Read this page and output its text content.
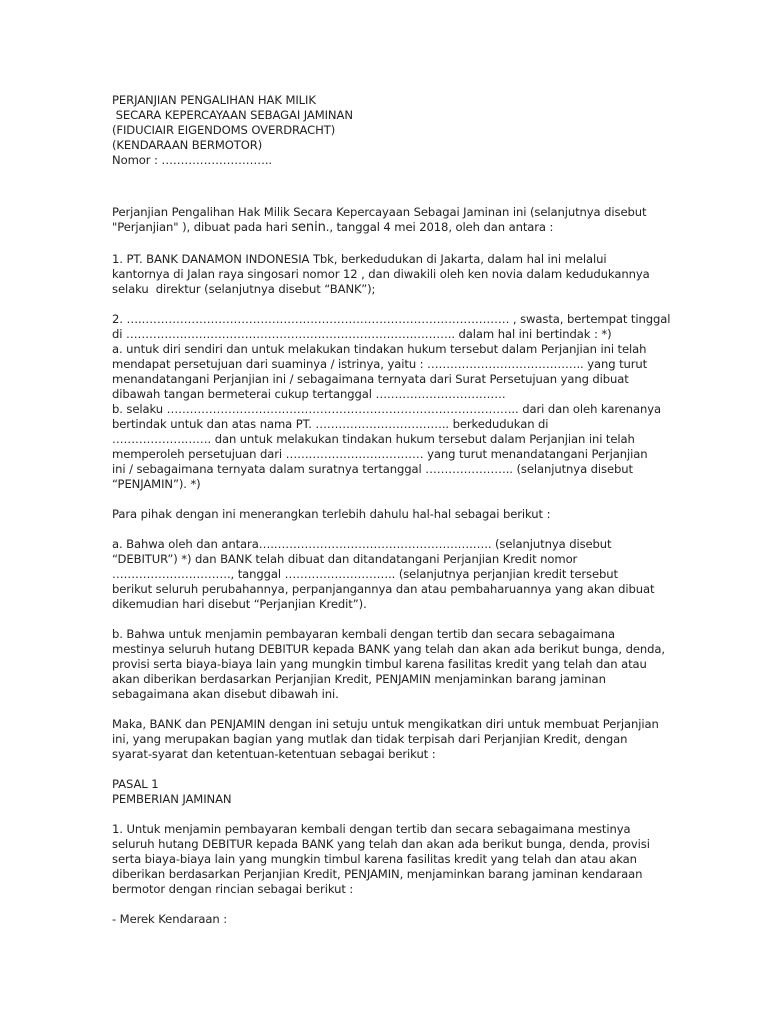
PERJANJIAN PENGALIHAN HAK MILIK
SECARA KEPERCAYAAN SEBAGAI JAMINAN
(FIDUCIAIR EIGENDOMS OVERDRACHT)
(KENDARAAN BERMOTOR)
Nomor : ………………………..
Perjanjian Pengalihan Hak Milik Secara Kepercayaan Sebagai Jaminan ini (selanjutnya disebut
"Perjanjian" ), dibuat pada hari senin., tanggal 4 mei 2018, oleh dan antara :
1. PT. BANK DANAMON INDONESIA Tbk, berkedudukan di Jakarta, dalam hal ini melalui
kantornya di Jalan raya singosari nomor 12 , dan diwakili oleh ken novia dalam kedudukannya
selaku  direktur (selanjutnya disebut “BANK”);
2. ….…………………………………………………………………………………… , swasta, bertempat tinggal
di ………………………………………………………………………….. dalam hal ini bertindak : *)
a. untuk diri sendiri dan untuk melakukan tindakan hukum tersebut dalam Perjanjian ini telah
mendapat persetujuan dari suaminya / istrinya, yaitu : ………………………………….. yang turut
menandatangani Perjanjian ini / sebagaimana ternyata dari Surat Persetujuan yang dibuat
dibawah tangan bermeterai cukup tertanggal …………………………….
b. selaku ……………………………………………………………………………….. dari dan oleh karenanya
bertindak untuk dan atas nama PT. …………………………….. berkedudukan di
……………….……. dan untuk melakukan tindakan hukum tersebut dalam Perjanjian ini telah
memperoleh persetujuan dari ……………………………… yang turut menandatangani Perjanjian
ini / sebagaimana ternyata dalam suratnya tertanggal ………………….. (selanjutnya disebut
“PENJAMIN”). *)
Para pihak dengan ini menerangkan terlebih dahulu hal-hal sebagai berikut :
a. Bahwa oleh dan antara….…………………………………………….….. (selanjutnya disebut
“DEBITUR”) *) dan BANK telah dibuat dan ditandatangani Perjanjian Kredit nomor
…………………………., tanggal ……………………….. (selanjutnya perjanjian kredit tersebut
berikut seluruh perubahannya, perpanjangannya dan atau pembaharuannya yang akan dibuat
dikemudian hari disebut “Perjanjian Kredit”).
b. Bahwa untuk menjamin pembayaran kembali dengan tertib dan secara sebagaimana
mestinya seluruh hutang DEBITUR kepada BANK yang telah dan akan ada berikut bunga, denda,
provisi serta biaya-biaya lain yang mungkin timbul karena fasilitas kredit yang telah dan atau
akan diberikan berdasarkan Perjanjian Kredit, PENJAMIN menjaminkan barang jaminan
sebagaimana akan disebut dibawah ini.
Maka, BANK dan PENJAMIN dengan ini setuju untuk mengikatkan diri untuk membuat Perjanjian
ini, yang merupakan bagian yang mutlak dan tidak terpisah dari Perjanjian Kredit, dengan
syarat-syarat dan ketentuan-ketentuan sebagai berikut :
PASAL 1
PEMBERIAN JAMINAN
1. Untuk menjamin pembayaran kembali dengan tertib dan secara sebagaimana mestinya
seluruh hutang DEBITUR kepada BANK yang telah dan akan ada berikut bunga, denda, provisi
serta biaya-biaya lain yang mungkin timbul karena fasilitas kredit yang telah dan atau akan
diberikan berdasarkan Perjanjian Kredit, PENJAMIN, menjaminkan barang jaminan kendaraan
bermotor dengan rincian sebagai berikut :
- Merek Kendaraan :
